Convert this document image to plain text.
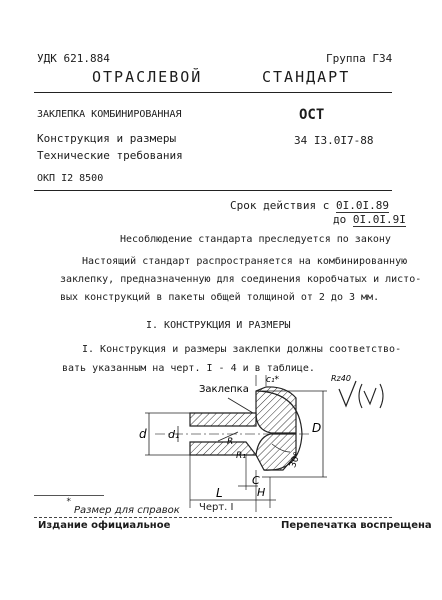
УДК 621.884	Группа Г34
ОТРАСЛЕВОЙ	СТАНДАРТ
ЗАКЛЕПКА КОМБИНИРОВАННАЯ
Конструкция и размеры
Технические требования
ОКП I2 8500
ОСТ
34 I3.0I7-88
Срок действия с 0I.0I.89
до 0I.0I.9I
Несоблюдение стандарта преследуется по закону
Настоящий стандарт распространяется на комбинированную
заклепку, предназначенную для соединения коробчатых и листо-
вых конструкций в пакеты общей толщиной от 2 до 3 мм.
I. КОНСТРУКЦИЯ И РАЗМЕРЫ
I. Конструкция и размеры заклепки должны соответство-
вать указанным на черт. I - 4 и в таблице.
Заклепка
c₁*
d d₁
R
R₁	30°
D
L
C
H
Rz40
Черт. I
*
Размер для справок
Издание официальное	Перепечатка воспрещена
